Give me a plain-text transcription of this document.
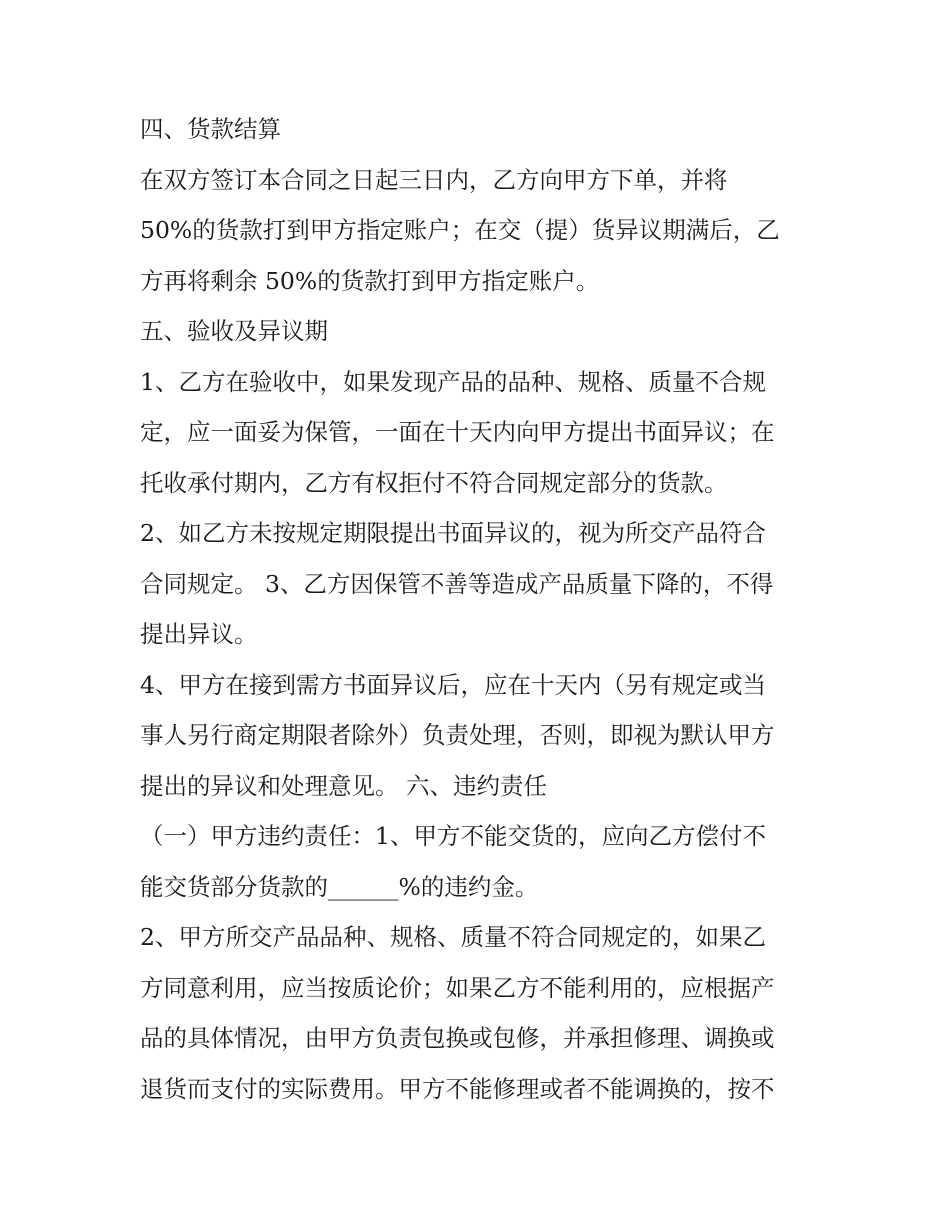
四、货款结算
在双方签订本合同之日起三日内，乙方向甲方下单，并将
50%的货款打到甲方指定账户；在交（提）货异议期满后，乙
方再将剩余 50%的货款打到甲方指定账户。
五、验收及异议期
1、乙方在验收中，如果发现产品的品种、规格、质量不合规
定，应一面妥为保管，一面在十天内向甲方提出书面异议；在
托收承付期内，乙方有权拒付不符合同规定部分的货款。
2、如乙方未按规定期限提出书面异议的，视为所交产品符合
合同规定。 3、乙方因保管不善等造成产品质量下降的，不得
提出异议。
4、甲方在接到需方书面异议后，应在十天内（另有规定或当
事人另行商定期限者除外）负责处理，否则，即视为默认甲方
提出的异议和处理意见。 六、违约责任
（一）甲方违约责任：1、甲方不能交货的，应向乙方偿付不
能交货部分货款的______%的违约金。
2、甲方所交产品品种、规格、质量不符合同规定的，如果乙
方同意利用，应当按质论价；如果乙方不能利用的，应根据产
品的具体情况，由甲方负责包换或包修，并承担修理、调换或
退货而支付的实际费用。甲方不能修理或者不能调换的，按不
